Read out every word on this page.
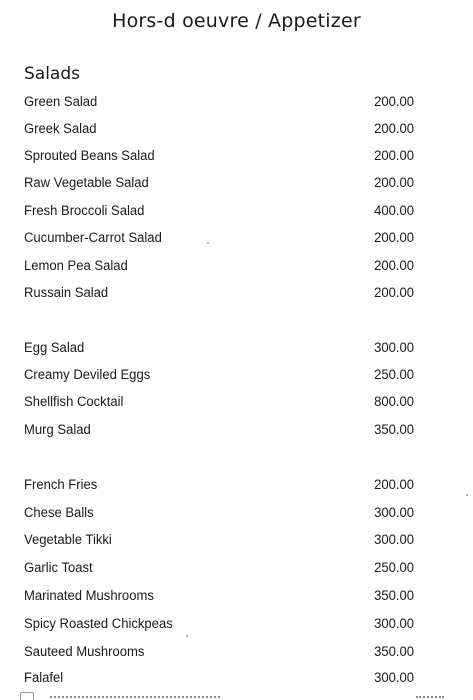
Hors-d oeuvre / Appetizer
Salads
Green Salad	200.00
Greek Salad	200.00
Sprouted Beans Salad	200.00
Raw Vegetable Salad	200.00
Fresh Broccoli Salad	400.00
Cucumber-Carrot Salad	200.00
Lemon Pea Salad	200.00
Russain Salad	200.00
Egg Salad	300.00
Creamy Deviled Eggs	250.00
Shellfish Cocktail	800.00
Murg Salad	350.00
French Fries	200.00
Chese Balls	300.00
Vegetable Tikki	300.00
Garlic Toast	250.00
Marinated Mushrooms	350.00
Spicy Roasted Chickpeas	300.00
Sauteed Mushrooms	350.00
Falafel	300.00
